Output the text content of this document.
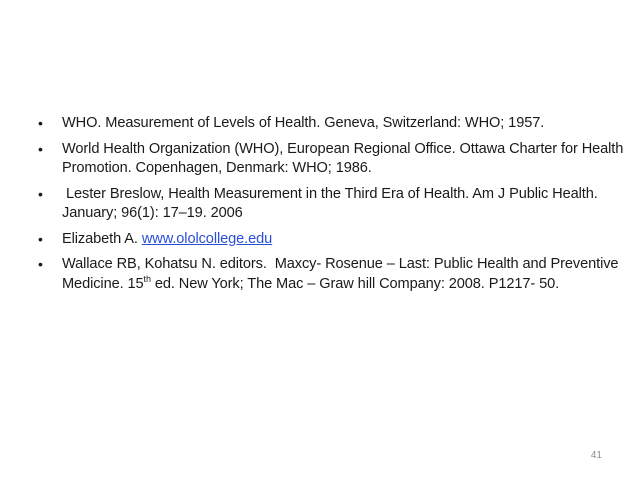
• WHO. Measurement of Levels of Health. Geneva, Switzerland: WHO; 1957.
• World Health Organization (WHO), European Regional Office. Ottawa Charter for Health Promotion. Copenhagen, Denmark: WHO; 1986.
• Lester Breslow, Health Measurement in the Third Era of Health. Am J Public Health. January; 96(1): 17–19. 2006
• Elizabeth A. www.ololcollege.edu
• Wallace RB, Kohatsu N. editors.  Maxcy- Rosenue – Last: Public Health and Preventive Medicine. 15th ed. New York; The Mac – Graw hill Company: 2008. P1217- 50.
41
